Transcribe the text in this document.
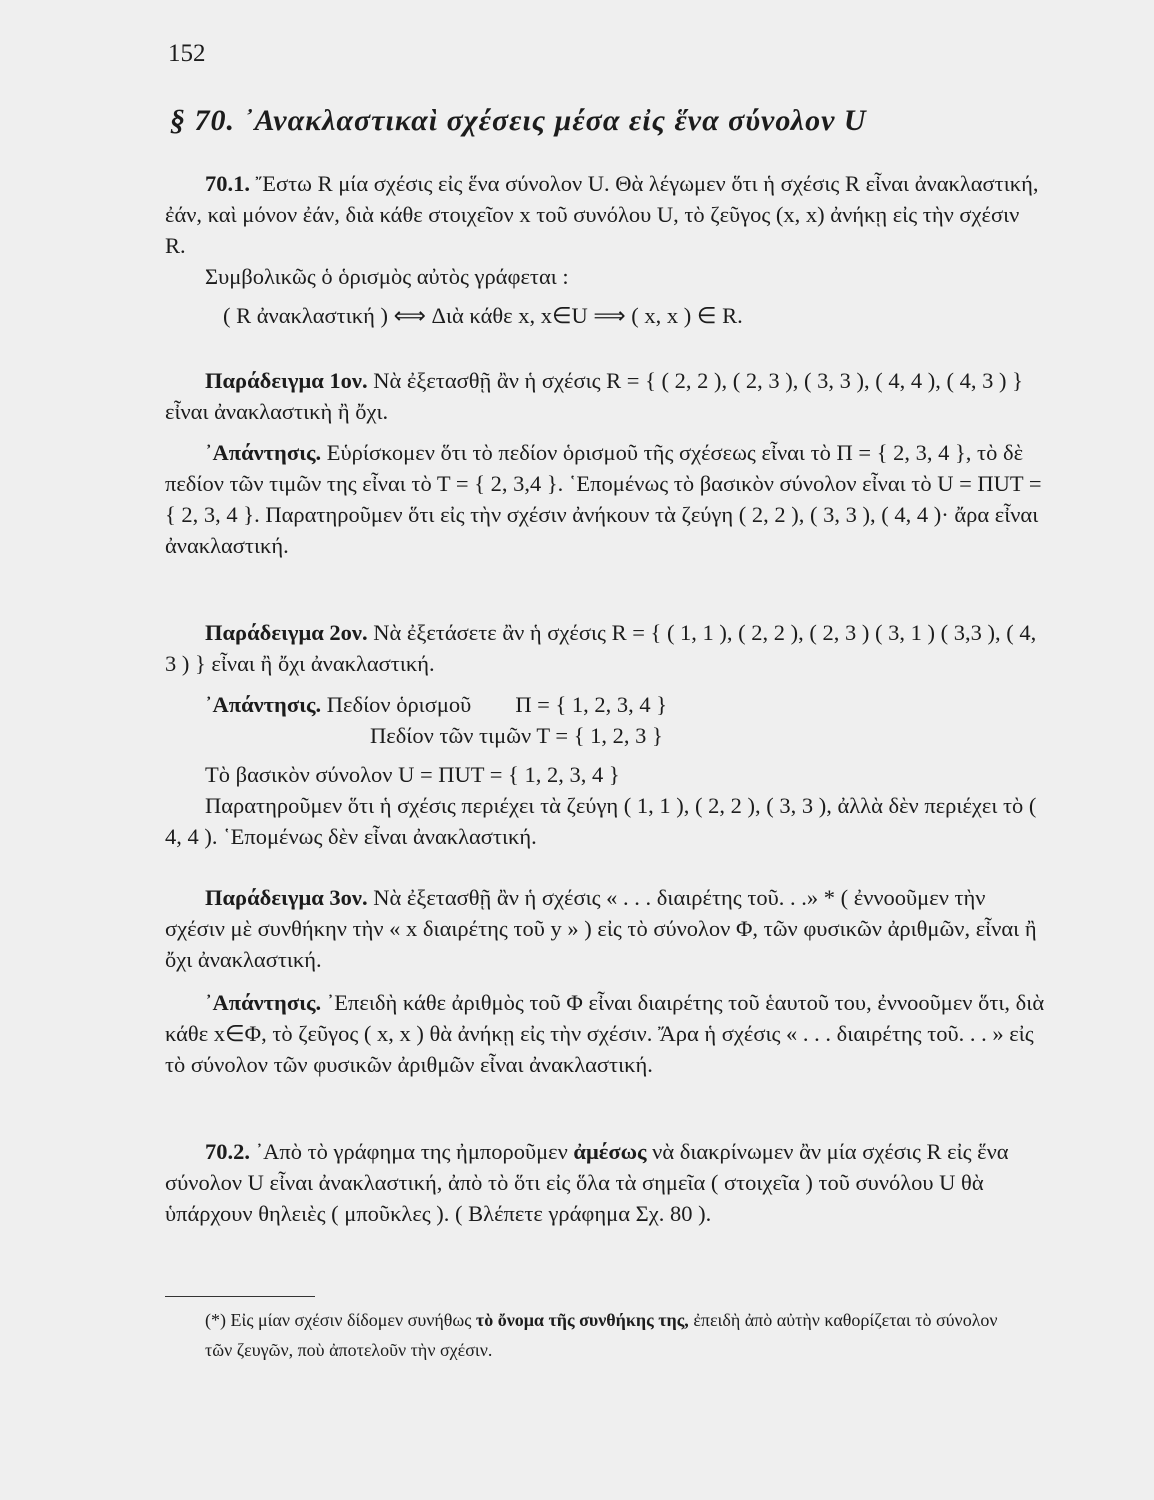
152
§ 70. ᾿Ανακλαστικαὶ σχέσεις μέσα εἰς ἕνα σύνολον U

70.1. Ἔστω R μία σχέσις εἰς ἕνα σύνολον U. Θὰ λέγωμεν ὅτι ἡ σχέσις R εἶναι ἀνακλαστική, ἐάν, καὶ μόνον ἐάν, διὰ κάθε στοιχεῖον x τοῦ συνόλου U, τὸ ζεῦγος (x, x) ἀνήκῃ εἰς τὴν σχέσιν R.

Συμβολικῶς ὁ ὁρισμὸς αὐτὸς γράφεται :

( R ἀνακλαστική ) ⟺ Διὰ κάθε x, x∈U ⟹ ( x, x ) ∈ R.

Παράδειγμα 1ον. Νὰ ἐξετασθῇ ἂν ἡ σχέσις R = { ( 2, 2 ), ( 2, 3 ), ( 3, 3 ), ( 4, 4 ), ( 4, 3 ) } εἶναι ἀνακλαστικὴ ἢ ὄχι.

᾿Απάντησις. Εὑρίσκομεν ὅτι τὸ πεδίον ὁρισμοῦ τῆς σχέσεως εἶναι τὸ Π = { 2, 3, 4 }, τὸ δὲ πεδίον τῶν τιμῶν της εἶναι τὸ Τ = { 2, 3,4 }. ῾Επομένως τὸ βασικὸν σύνολον εἶναι τὸ U = ΠUΤ = { 2, 3, 4 }. Παρατηροῦμεν ὅτι εἰς τὴν σχέσιν ἀνήκουν τὰ ζεύγη ( 2, 2 ), ( 3, 3 ), ( 4, 4 )· ἄρα εἶναι ἀνακλαστική.

Παράδειγμα 2ον. Νὰ ἐξετάσετε ἂν ἡ σχέσις R = { ( 1, 1 ), ( 2, 2 ), ( 2, 3 ) ( 3, 1 ) ( 3,3 ), ( 4, 3 ) } εἶναι ἢ ὄχι ἀνακλαστική.

᾿Απάντησις. Πεδίον ὁρισμοῦ Π = { 1, 2, 3, 4 }

Πεδίον τῶν τιμῶν Τ = { 1, 2, 3 }

Τὸ βασικὸν σύνολον U = ΠUΤ = { 1, 2, 3, 4 }

Παρατηροῦμεν ὅτι ἡ σχέσις περιέχει τὰ ζεύγη ( 1, 1 ), ( 2, 2 ), ( 3, 3 ), ἀλλὰ δὲν περιέχει τὸ ( 4, 4 ). ῾Επομένως δὲν εἶναι ἀνακλαστική.

Παράδειγμα 3ον. Νὰ ἐξετασθῇ ἂν ἡ σχέσις « . . . διαιρέτης τοῦ. . .» * ( ἐννοοῦμεν τὴν σχέσιν μὲ συνθήκην τὴν « x διαιρέτης τοῦ y » ) εἰς τὸ σύνολον Φ, τῶν φυσικῶν ἀριθμῶν, εἶναι ἢ ὄχι ἀνακλαστική.

᾿Απάντησις. ᾿Επειδὴ κάθε ἀριθμὸς τοῦ Φ εἶναι διαιρέτης τοῦ ἑαυτοῦ του, ἐννοοῦμεν ὅτι, διὰ κάθε x∈Φ, τὸ ζεῦγος ( x, x ) θὰ ἀνήκῃ εἰς τὴν σχέσιν. Ἄρα ἡ σχέσις « . . . διαιρέτης τοῦ. . . » εἰς τὸ σύνολον τῶν φυσικῶν ἀριθμῶν εἶναι ἀνακλαστική.

70.2. ᾿Απὸ τὸ γράφημα της ἠμποροῦμεν ἀμέσως νὰ διακρίνωμεν ἂν μία σχέσις R εἰς ἕνα σύνολον U εἶναι ἀνακλαστική, ἀπὸ τὸ ὅτι εἰς ὅλα τὰ σημεῖα ( στοιχεῖα ) τοῦ συνόλου U θὰ ὑπάρχουν θηλειὲς ( μποῦκλες ). ( Βλέπετε γράφημα Σχ. 80 ).

(*) Εἰς μίαν σχέσιν δίδομεν συνήθως τὸ ὄνομα τῆς συνθήκης της, ἐπειδὴ ἀπὸ αὐτὴν καθορίζεται τὸ σύνολον τῶν ζευγῶν, ποὺ ἀποτελοῦν τὴν σχέσιν.
